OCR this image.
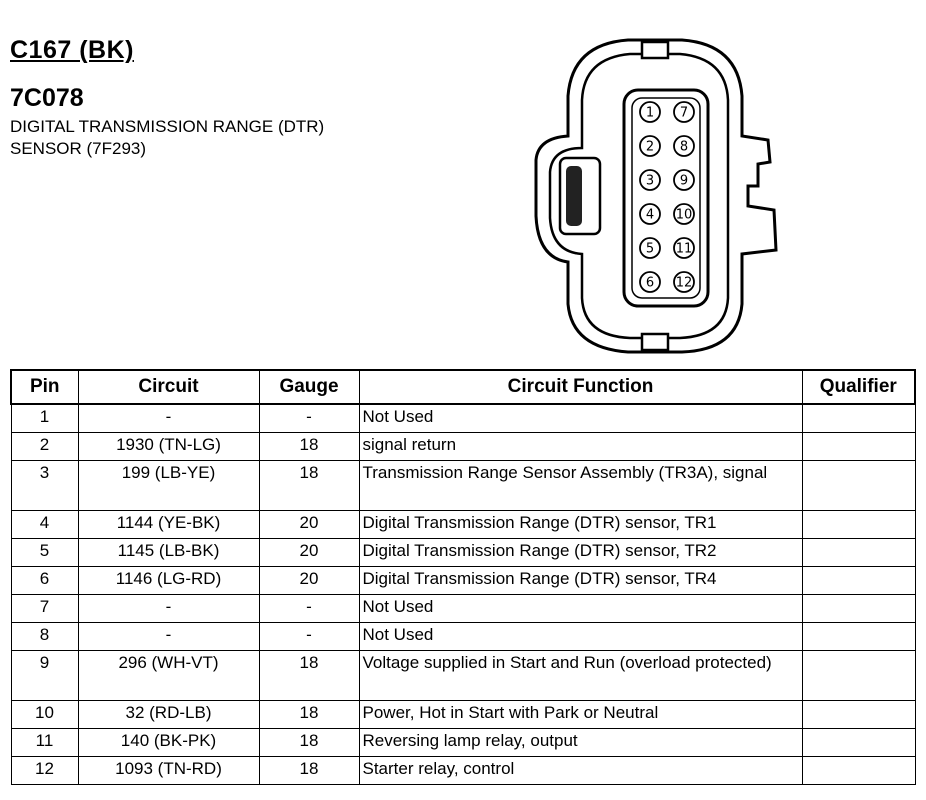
C167 (BK)
7C078
DIGITAL TRANSMISSION RANGE (DTR)
SENSOR (7F293)
1
2
3
4
5
6
7
8
9
10
11
12
Pin	Circuit	Gauge	Circuit Function	Qualifier
1	-	-	Not Used	
2	1930 (TN-LG)	18	signal return	
3	199 (LB-YE)	18	Transmission Range Sensor Assembly (TR3A), signal	
4	1144 (YE-BK)	20	Digital Transmission Range (DTR) sensor, TR1	
5	1145 (LB-BK)	20	Digital Transmission Range (DTR) sensor, TR2	
6	1146 (LG-RD)	20	Digital Transmission Range (DTR) sensor, TR4	
7	-	-	Not Used	
8	-	-	Not Used	
9	296 (WH-VT)	18	Voltage supplied in Start and Run (overload protected)	
10	32 (RD-LB)	18	Power, Hot in Start with Park or Neutral	
11	140 (BK-PK)	18	Reversing lamp relay, output	
12	1093 (TN-RD)	18	Starter relay, control	
